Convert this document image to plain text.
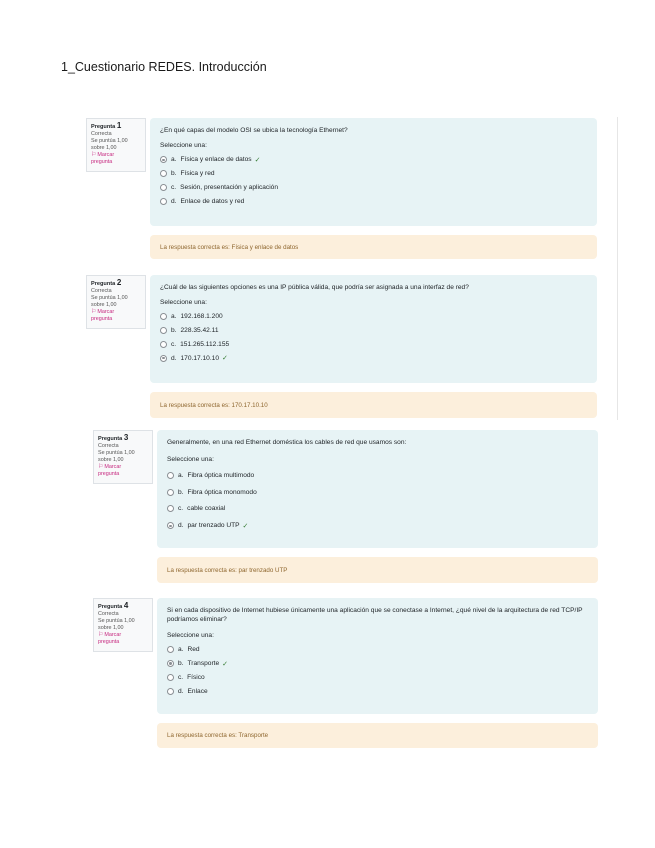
1_Cuestionario REDES. Introducción
Pregunta 1
Correcta
Se puntúa 1,00
sobre 1,00
⚐Marcar
pregunta
¿En qué capas del modelo OSI se ubica la tecnología Ethernet?
Seleccione una:
a. Física y enlace de datos ✓
b. Física y red
c. Sesión, presentación y aplicación
d. Enlace de datos y red
La respuesta correcta es: Física y enlace de datos
Pregunta 2
Correcta
Se puntúa 1,00
sobre 1,00
⚐Marcar
pregunta
¿Cuál de las siguientes opciones es una IP pública válida, que podría ser asignada a una interfaz de red?
Seleccione una:
a. 192.168.1.200
b. 228.35.42.11
c. 151.265.112.155
d. 170.17.10.10 ✓
La respuesta correcta es: 170.17.10.10
Pregunta 3
Correcta
Se puntúa 1,00
sobre 1,00
⚐Marcar
pregunta
Generalmente, en una red Ethernet doméstica los cables de red que usamos son:
Seleccione una:
a. Fibra óptica multimodo
b. Fibra óptica monomodo
c. cable coaxial
d. par trenzado UTP ✓
La respuesta correcta es: par trenzado UTP
Pregunta 4
Correcta
Se puntúa 1,00
sobre 1,00
⚐Marcar
pregunta
Si en cada dispositivo de Internet hubiese únicamente una aplicación que se conectase a Internet, ¿qué nivel de la arquitectura de red TCP/IP podríamos eliminar?
Seleccione una:
a. Red
b. Transporte ✓
c. Físico
d. Enlace
La respuesta correcta es: Transporte
